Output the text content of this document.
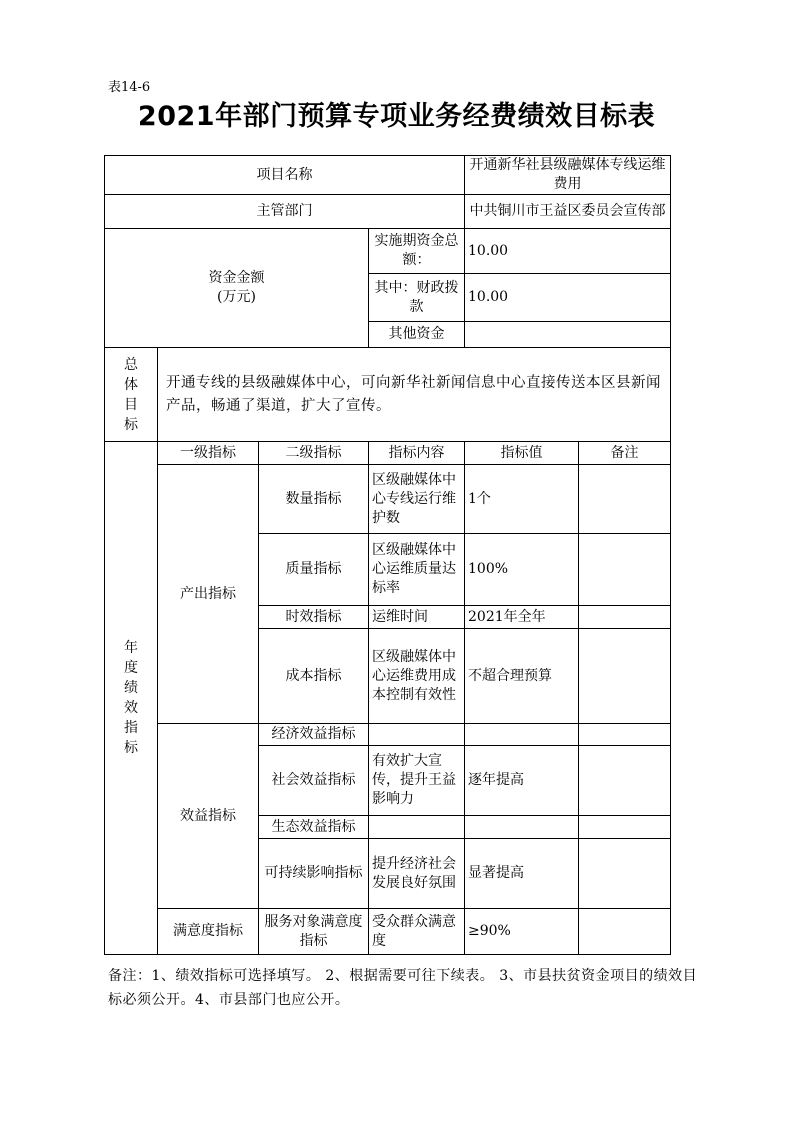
表14-6
2021年部门预算专项业务经费绩效目标表
项目名称				开通新华社县级融媒体专线运维费用	
主管部门				中共铜川市王益区委员会宣传部	

资金金额
(万元)			实施期资金总额：	10.00	
			其中：财政拨款	10.00	
			其他资金		

总体目标	开通专线的县级融媒体中心，可向新华社新闻信息中心直接传送本区县新闻产品，畅通了渠道，扩大了宣传。				

年度绩效指标	一级指标	二级指标	指标内容	指标值	备注
	产出指标	数量指标	区级融媒体中心专线运行维护数	1个	
		质量指标	区级融媒体中心运维质量达标率	100%	
		时效指标	运维时间	2021年全年	
		成本指标	区级融媒体中心运维费用成本控制有效性	不超合理预算	
	效益指标	经济效益指标			
		社会效益指标	有效扩大宣传，提升王益影响力	逐年提高	
		生态效益指标			
		可持续影响指标	提升经济社会发展良好氛围	显著提高	
	满意度指标	服务对象满意度指标	受众群众满意度	≥90%	
备注：1、绩效指标可选择填写。 2、根据需要可往下续表。 3、市县扶贫资金项目的绩效目标必须公开。4、市县部门也应公开。
